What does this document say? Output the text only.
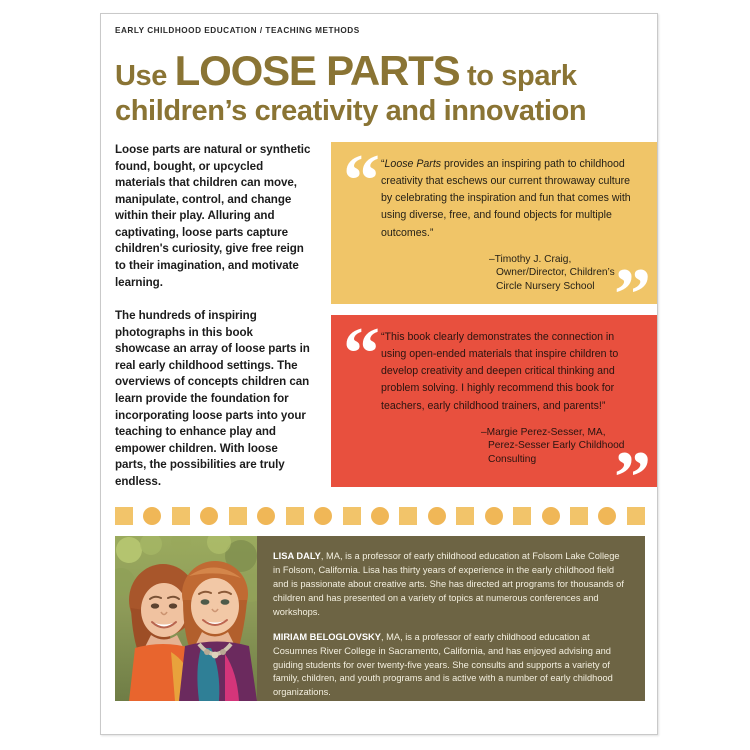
EARLY CHILDHOOD EDUCATION / TEACHING METHODS
Use LOOSE PARTS to spark children’s creativity and innovation

Loose parts are natural or synthetic found, bought, or upcycled materials that children can move, manipulate, control, and change within their play. Alluring and captivating, loose parts capture children's curiosity, give free reign to their imagination, and motivate learning.

The hundreds of inspiring photographs in this book showcase an array of loose parts in real early childhood settings. The overviews of concepts children can learn provide the foundation for incorporating loose parts into your teaching to enhance play and empower children. With loose parts, the possibilities are truly endless.

“
”

“Loose Parts provides an inspiring path to childhood creativity that eschews our current throwaway culture by celebrating the inspiration and fun that comes with using diverse, free, and found objects for multiple outcomes.”

–Timothy J. Craig,
Owner/Director, Children’s
Circle Nursery School

“
”

“This book clearly demonstrates the connection in using open-ended materials that inspire children to develop creativity and deepen critical thinking and problem solving. I highly recommend this book for teachers, early childhood trainers, and parents!”

–Margie Perez-Sesser, MA,
Perez-Sesser Early Childhood
Consulting

LISA DALY, MA, is a professor of early childhood education at Folsom Lake College in Folsom, California. Lisa has thirty years of experience in the early childhood field and is passionate about creative arts. She has directed art programs for thousands of children and has presented on a variety of topics at numerous conferences and workshops.

MIRIAM BELOGLOVSKY, MA, is a professor of early childhood education at Cosumnes River College in Sacramento, California, and has enjoyed advising and guiding students for over twenty-five years. She consults and supports a variety of family, children, and youth programs and is active with a number of early childhood organizations.
